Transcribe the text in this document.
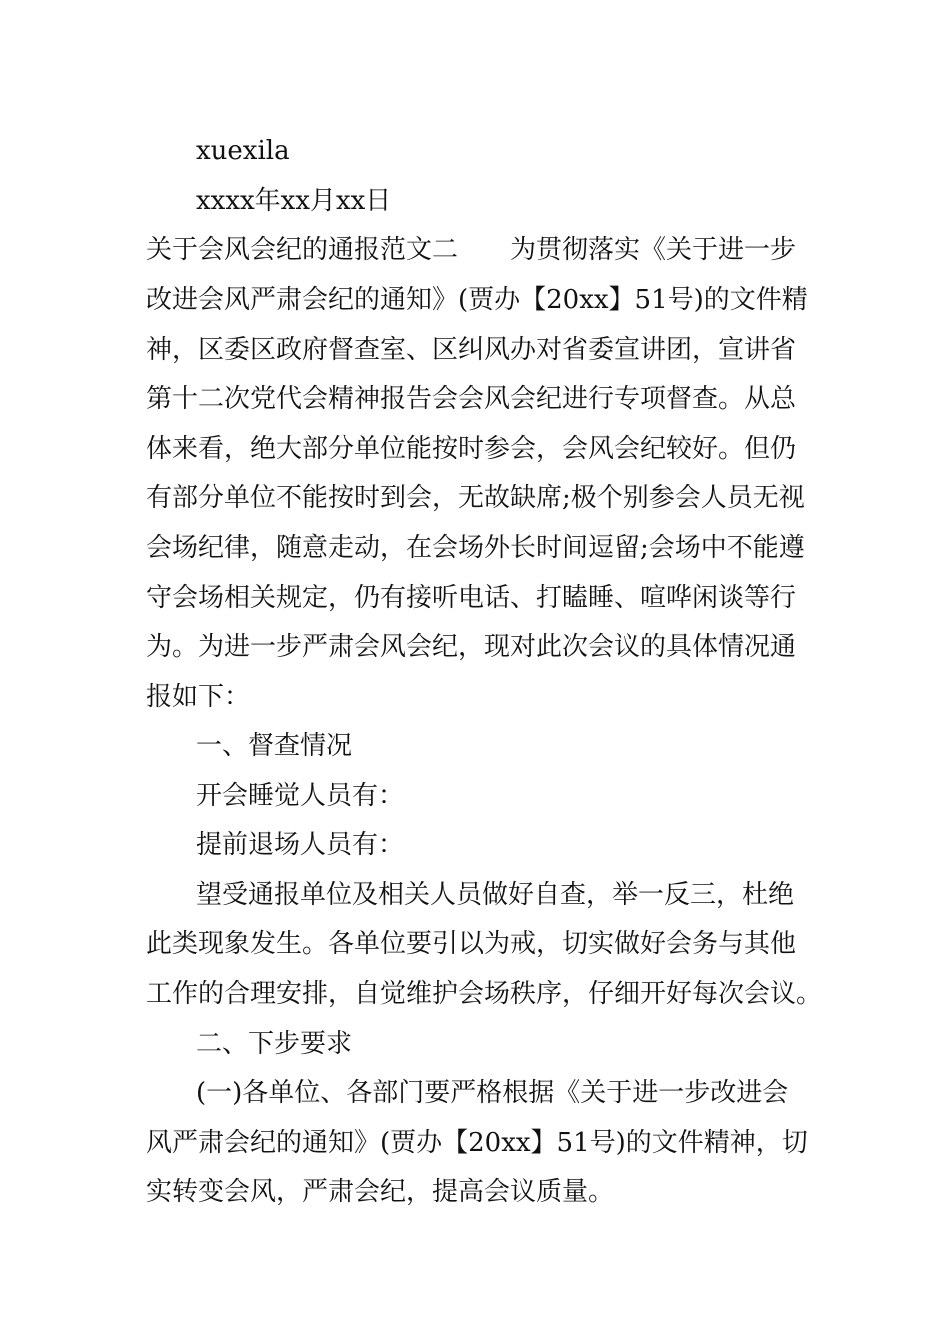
xuexila
xxxx年xx月xx日
关于会风会纪的通报范文二　　为贯彻落实《关于进一步
改进会风严肃会纪的通知》(贾办【20xx】51号)的文件精
神，区委区政府督查室、区纠风办对省委宣讲团，宣讲省
第十二次党代会精神报告会会风会纪进行专项督查。从总
体来看，绝大部分单位能按时参会，会风会纪较好。但仍
有部分单位不能按时到会，无故缺席;极个别参会人员无视
会场纪律，随意走动，在会场外长时间逗留;会场中不能遵
守会场相关规定，仍有接听电话、打瞌睡、喧哗闲谈等行
为。为进一步严肃会风会纪，现对此次会议的具体情况通
报如下：
一、督查情况
开会睡觉人员有：
提前退场人员有：
望受通报单位及相关人员做好自查，举一反三，杜绝
此类现象发生。各单位要引以为戒，切实做好会务与其他
工作的合理安排，自觉维护会场秩序，仔细开好每次会议。
二、下步要求
(一)各单位、各部门要严格根据《关于进一步改进会
风严肃会纪的通知》(贾办【20xx】51号)的文件精神，切
实转变会风，严肃会纪，提高会议质量。
